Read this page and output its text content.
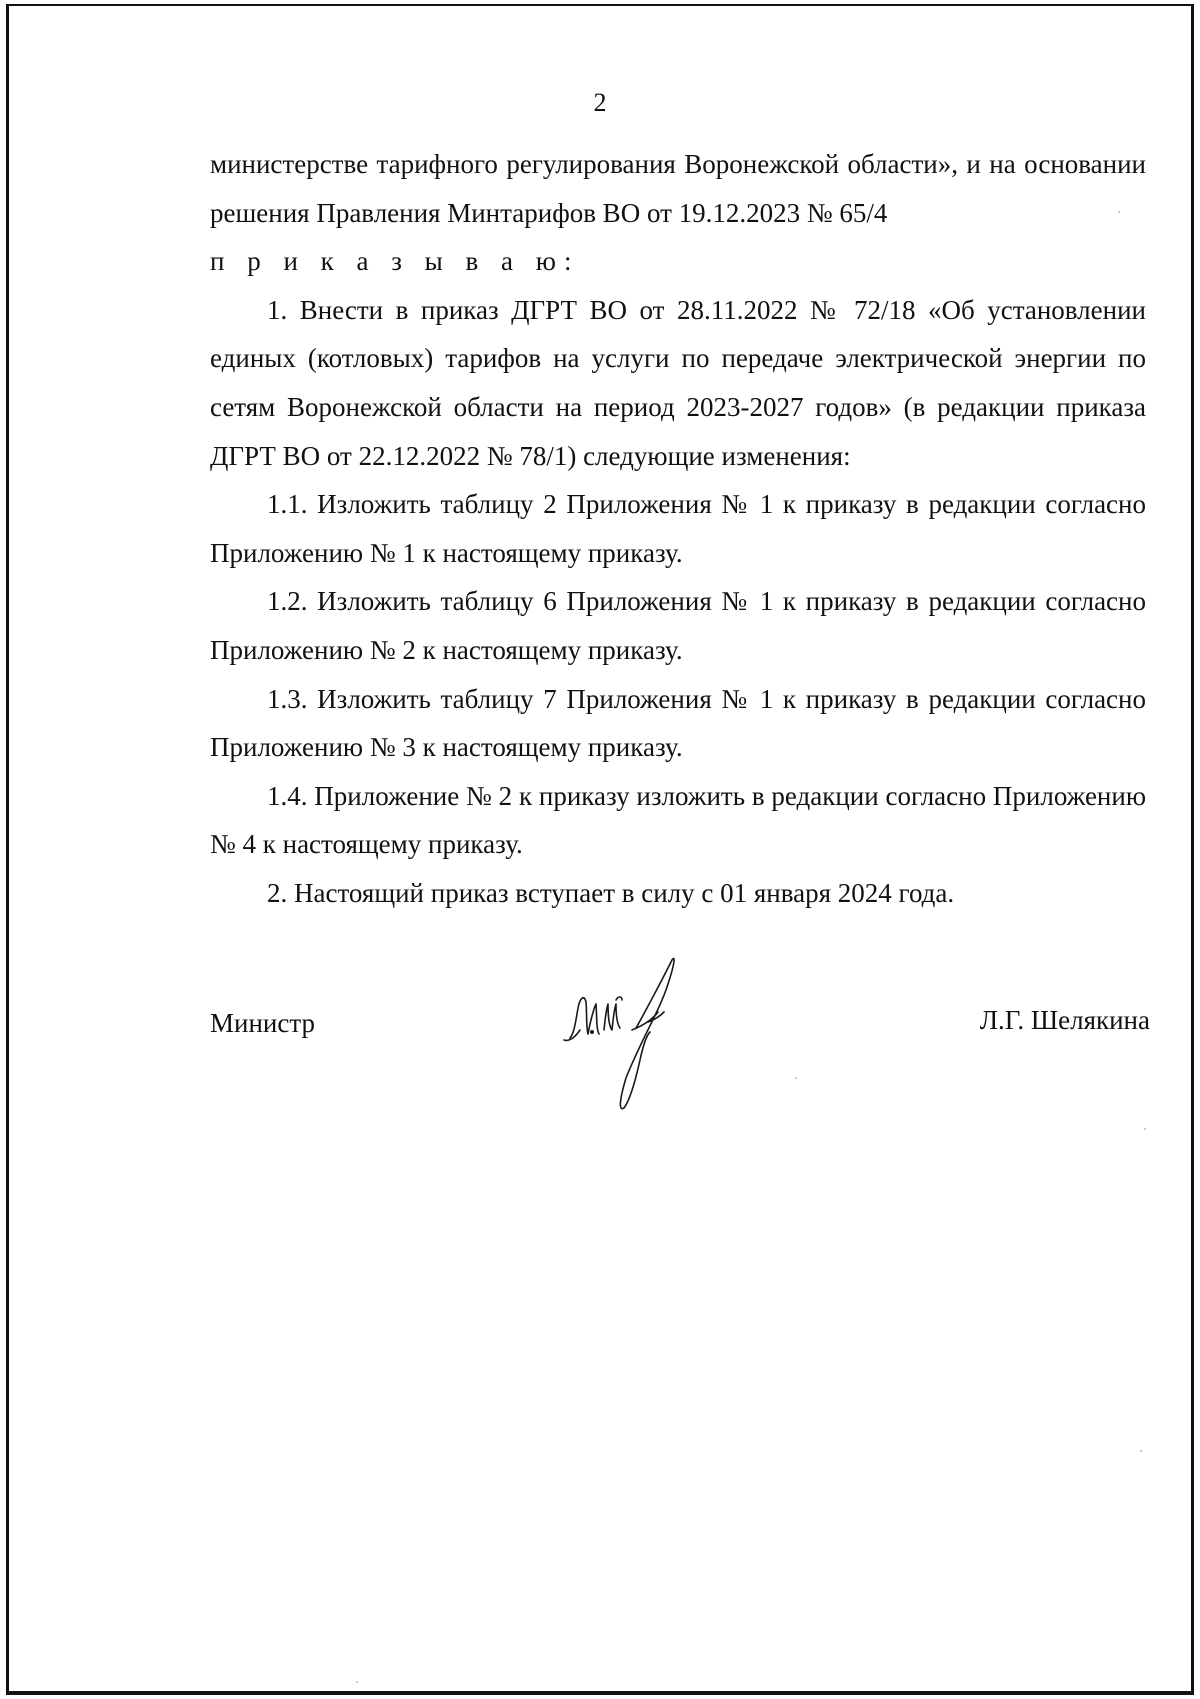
2

министерстве тарифного регулирования Воронежской области», и на основании решения Правления Минтарифов ВО от 19.12.2023 № 65/4

п р и к а з ы в а ю:

1. Внести в приказ ДГРТ ВО от 28.11.2022 № 72/18 «Об установлении единых (котловых) тарифов на услуги по передаче электрической энергии по сетям Воронежской области на период 2023-2027 годов» (в редакции приказа ДГРТ ВО от 22.12.2022 № 78/1) следующие изменения:

1.1. Изложить таблицу 2 Приложения № 1 к приказу в редакции согласно Приложению № 1 к настоящему приказу.

1.2. Изложить таблицу 6 Приложения № 1 к приказу в редакции согласно Приложению № 2 к настоящему приказу.

1.3. Изложить таблицу 7 Приложения № 1 к приказу в редакции согласно Приложению № 3 к настоящему приказу.

1.4. Приложение № 2 к приказу изложить в редакции согласно Приложению № 4 к настоящему приказу.

2. Настоящий приказ вступает в силу с 01 января 2024 года.

Министр	Л.Г. Шелякина
